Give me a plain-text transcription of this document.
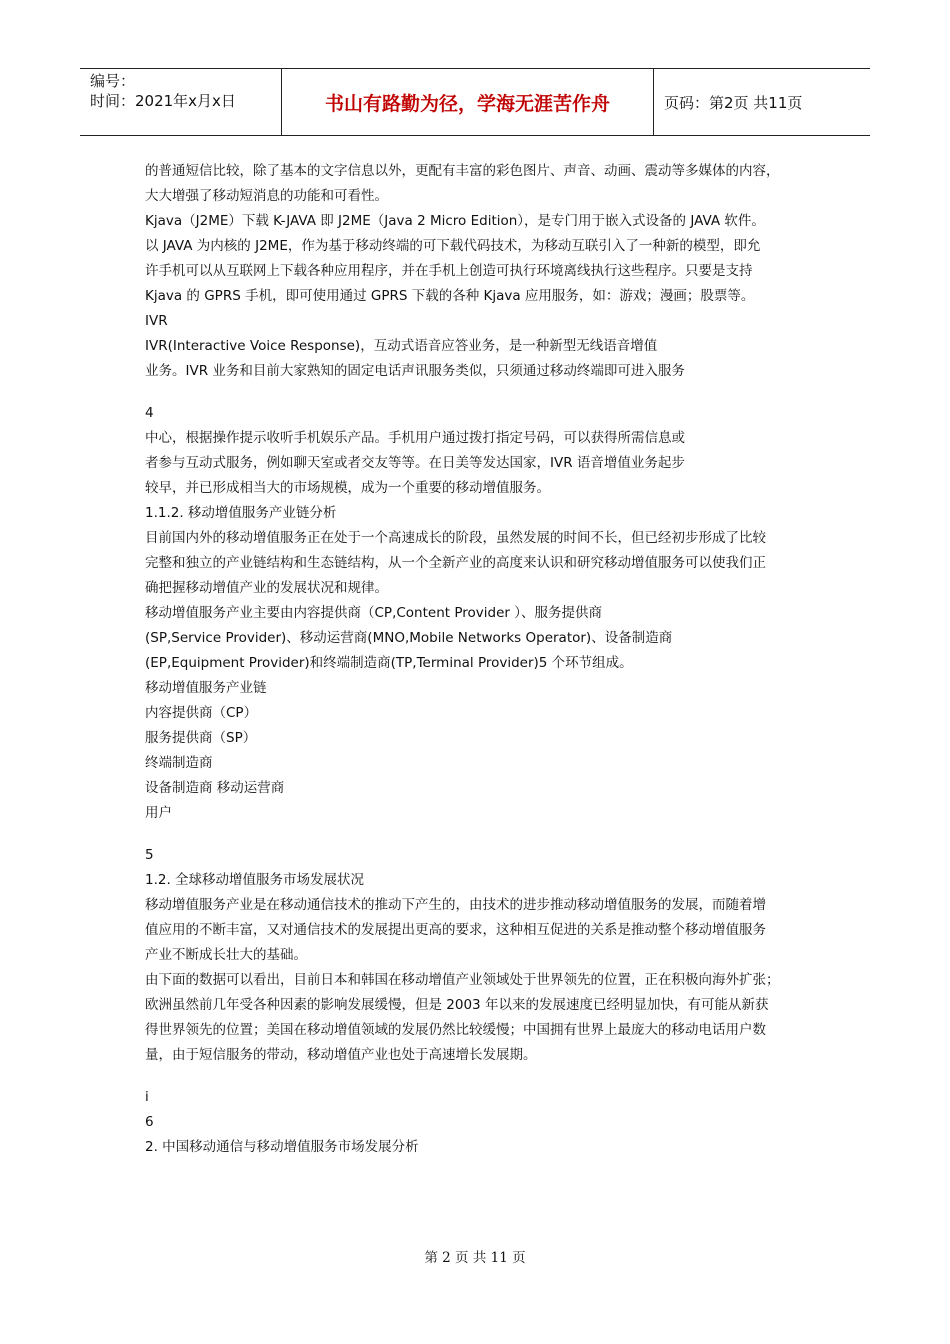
编号：
时间：2021年x月x日	书山有路勤为径，学海无涯苦作舟	页码：第2页 共11页
的普通短信比较，除了基本的文字信息以外，更配有丰富的彩色图片、声音、动画、震动等多媒体的内容，
大大增强了移动短消息的功能和可看性。
Kjava（J2ME）下载 K-JAVA 即 J2ME（Java 2 Micro Edition），是专门用于嵌入式设备的 JAVA 软件。
以 JAVA 为内核的 J2ME，作为基于移动终端的可下载代码技术，为移动互联引入了一种新的模型，即允
许手机可以从互联网上下载各种应用程序，并在手机上创造可执行环境离线执行这些程序。只要是支持
Kjava 的 GPRS 手机，即可使用通过 GPRS 下载的各种 Kjava 应用服务，如：游戏；漫画；股票等。
IVR
IVR(Interactive Voice Response)，互动式语音应答业务，是一种新型无线语音增值
业务。IVR 业务和目前大家熟知的固定电话声讯服务类似，只须通过移动终端即可进入服务
4
中心，根据操作提示收听手机娱乐产品。手机用户通过拨打指定号码，可以获得所需信息或
者参与互动式服务，例如聊天室或者交友等等。在日美等发达国家，IVR 语音增值业务起步
较早，并已形成相当大的市场规模，成为一个重要的移动增值服务。
1.1.2. 移动增值服务产业链分析
目前国内外的移动增值服务正在处于一个高速成长的阶段，虽然发展的时间不长，但已经初步形成了比较
完整和独立的产业链结构和生态链结构，从一个全新产业的高度来认识和研究移动增值服务可以使我们正
确把握移动增值产业的发展状况和规律。
移动增值服务产业主要由内容提供商（CP,Content Provider ）、服务提供商
(SP,Service Provider)、移动运营商(MNO,Mobile Networks Operator)、设备制造商
(EP,Equipment Provider)和终端制造商(TP,Terminal Provider)5 个环节组成。
移动增值服务产业链
内容提供商（CP）
服务提供商（SP）
终端制造商
设备制造商 移动运营商
用户
5
1.2. 全球移动增值服务市场发展状况
移动增值服务产业是在移动通信技术的推动下产生的，由技术的进步推动移动增值服务的发展，而随着增
值应用的不断丰富，又对通信技术的发展提出更高的要求，这种相互促进的关系是推动整个移动增值服务
产业不断成长壮大的基础。
由下面的数据可以看出，目前日本和韩国在移动增值产业领域处于世界领先的位置，正在积极向海外扩张；
欧洲虽然前几年受各种因素的影响发展缓慢，但是 2003 年以来的发展速度已经明显加快，有可能从新获
得世界领先的位置；美国在移动增值领域的发展仍然比较缓慢；中国拥有世界上最庞大的移动电话用户数
量，由于短信服务的带动，移动增值产业也处于高速增长发展期。
i
6
2. 中国移动通信与移动增值服务市场发展分析
第 2 页 共 11 页
